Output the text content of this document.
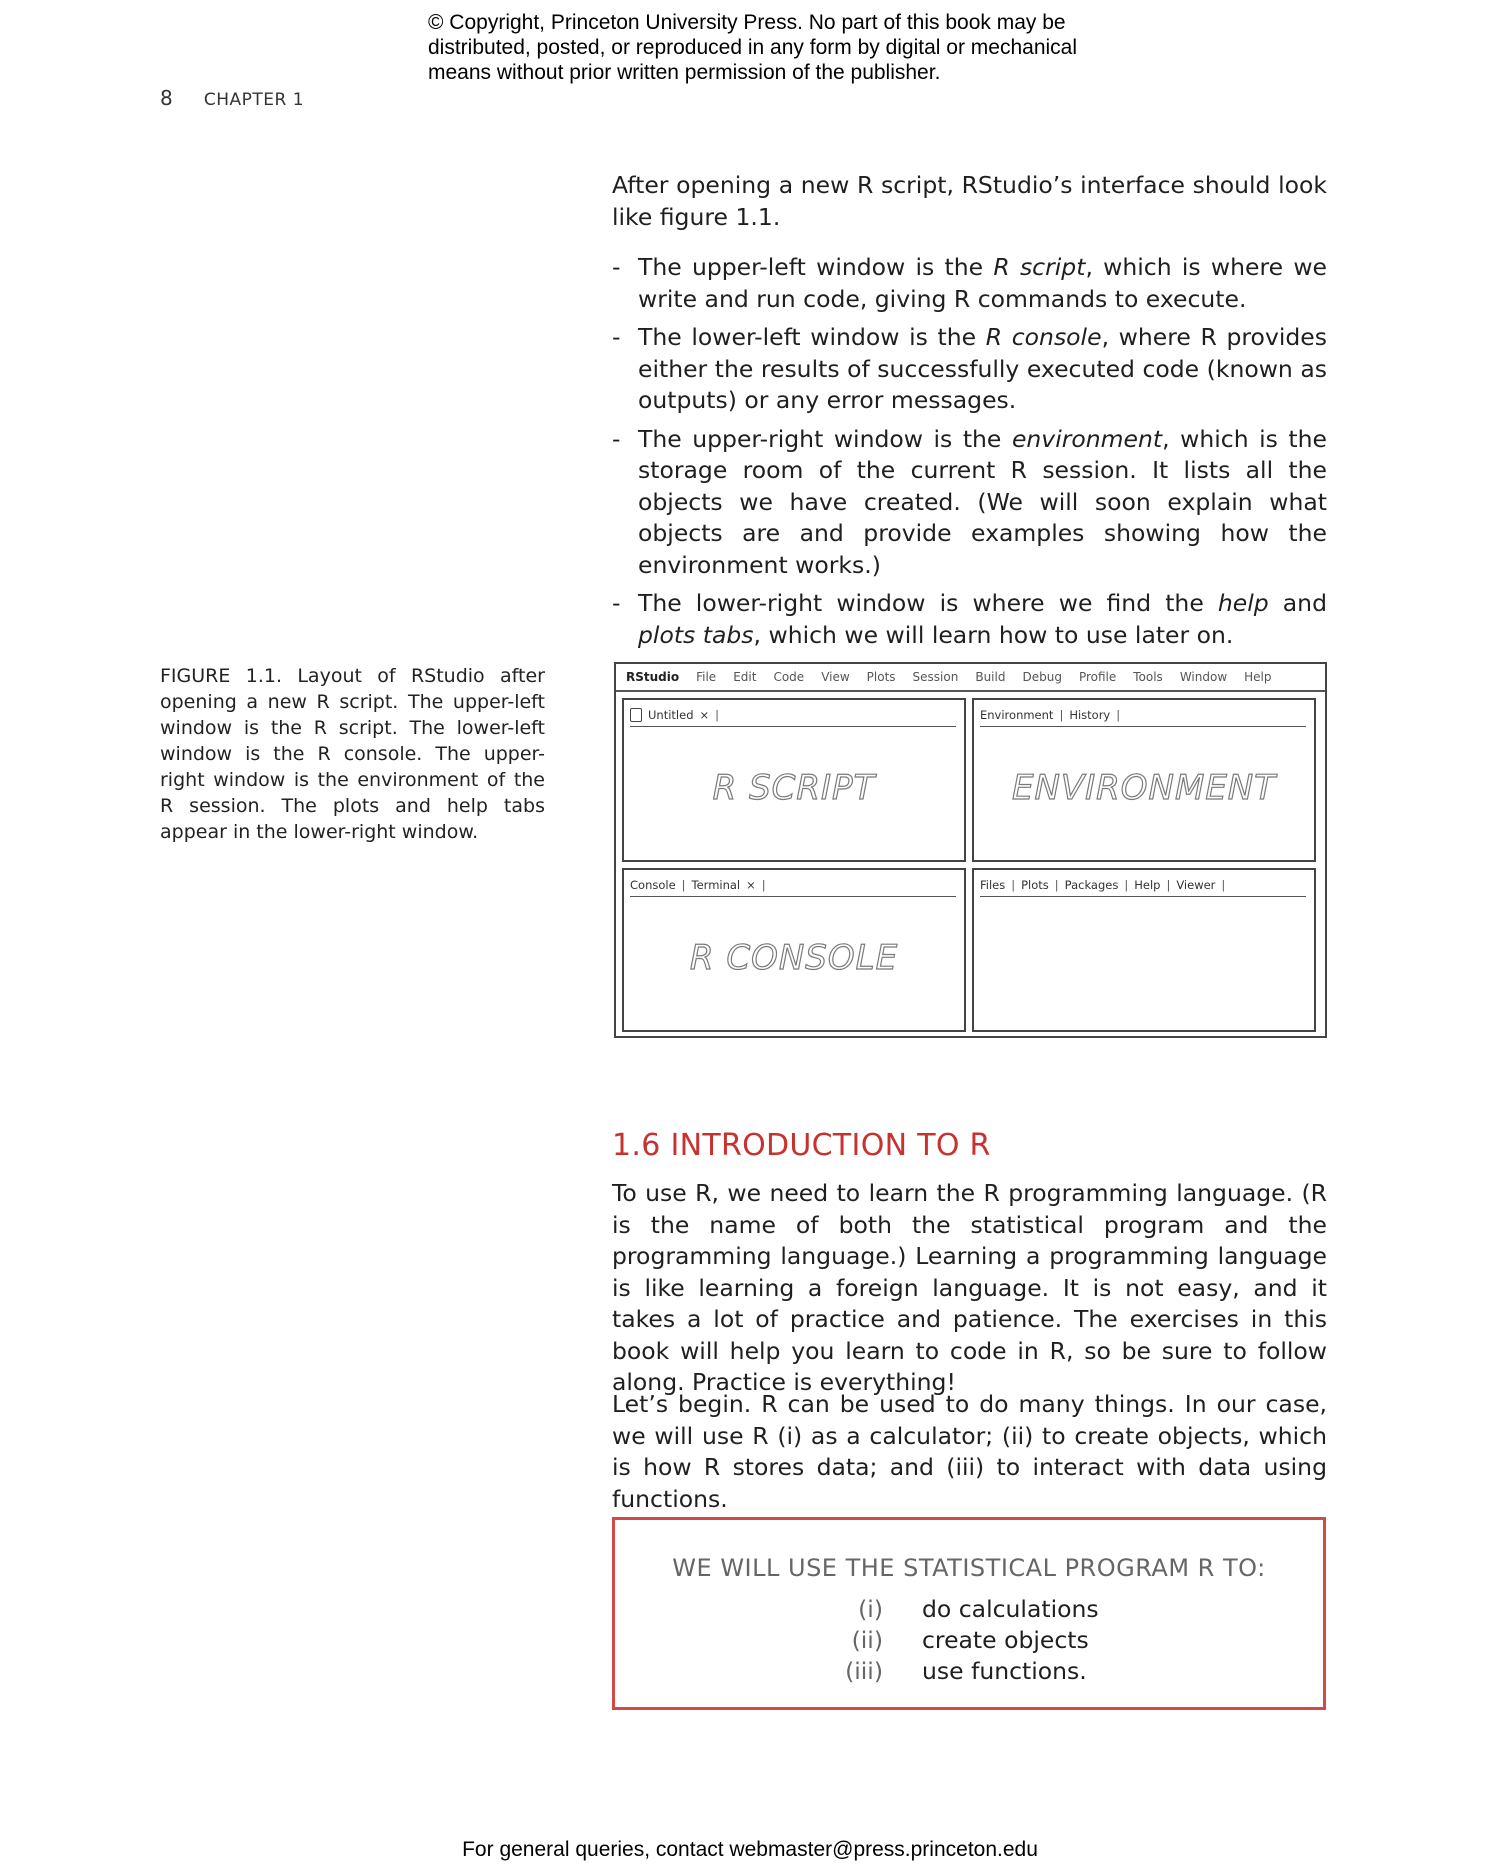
© Copyright, Princeton University Press. No part of this book may be
distributed, posted, or reproduced in any form by digital or mechanical
means without prior written permission of the publisher.
8 CHAPTER 1

After opening a new R script, RStudio’s interface should look like figure 1.1.

- The upper-left window is the R script, which is where we write and run code, giving R commands to execute.
- The lower-left window is the R console, where R provides either the results of successfully executed code (known as outputs) or any error messages.
- The upper-right window is the environment, which is the storage room of the current R session. It lists all the objects we have created. (We will soon explain what objects are and provide examples showing how the environment works.)
- The lower-right window is where we find the help and plots tabs, which we will learn how to use later on.

FIGURE 1.1. Layout of RStudio after opening a new R script. The upper-left window is the R script. The lower-left window is the R console. The upper-right window is the environment of the R session. The plots and help tabs appear in the lower-right window.

RStudio File Edit Code View Plots Session Build Debug Profile Tools Window Help
Untitled × |
R SCRIPT
Environment | History |
ENVIRONMENT
Console | Terminal × |
R CONSOLE
Files | Plots | Packages | Help | Viewer |
1.6 INTRODUCTION TO R

To use R, we need to learn the R programming language. (R is the name of both the statistical program and the programming language.) Learning a programming language is like learning a foreign language. It is not easy, and it takes a lot of practice and patience. The exercises in this book will help you learn to code in R, so be sure to follow along. Practice is everything!

Let’s begin. R can be used to do many things. In our case, we will use R (i) as a calculator; (ii) to create objects, which is how R stores data; and (iii) to interact with data using functions.

WE WILL USE THE STATISTICAL PROGRAM R TO:
(i) do calculations
(ii) create objects
(iii) use functions.
For general queries, contact webmaster@press.princeton.edu
